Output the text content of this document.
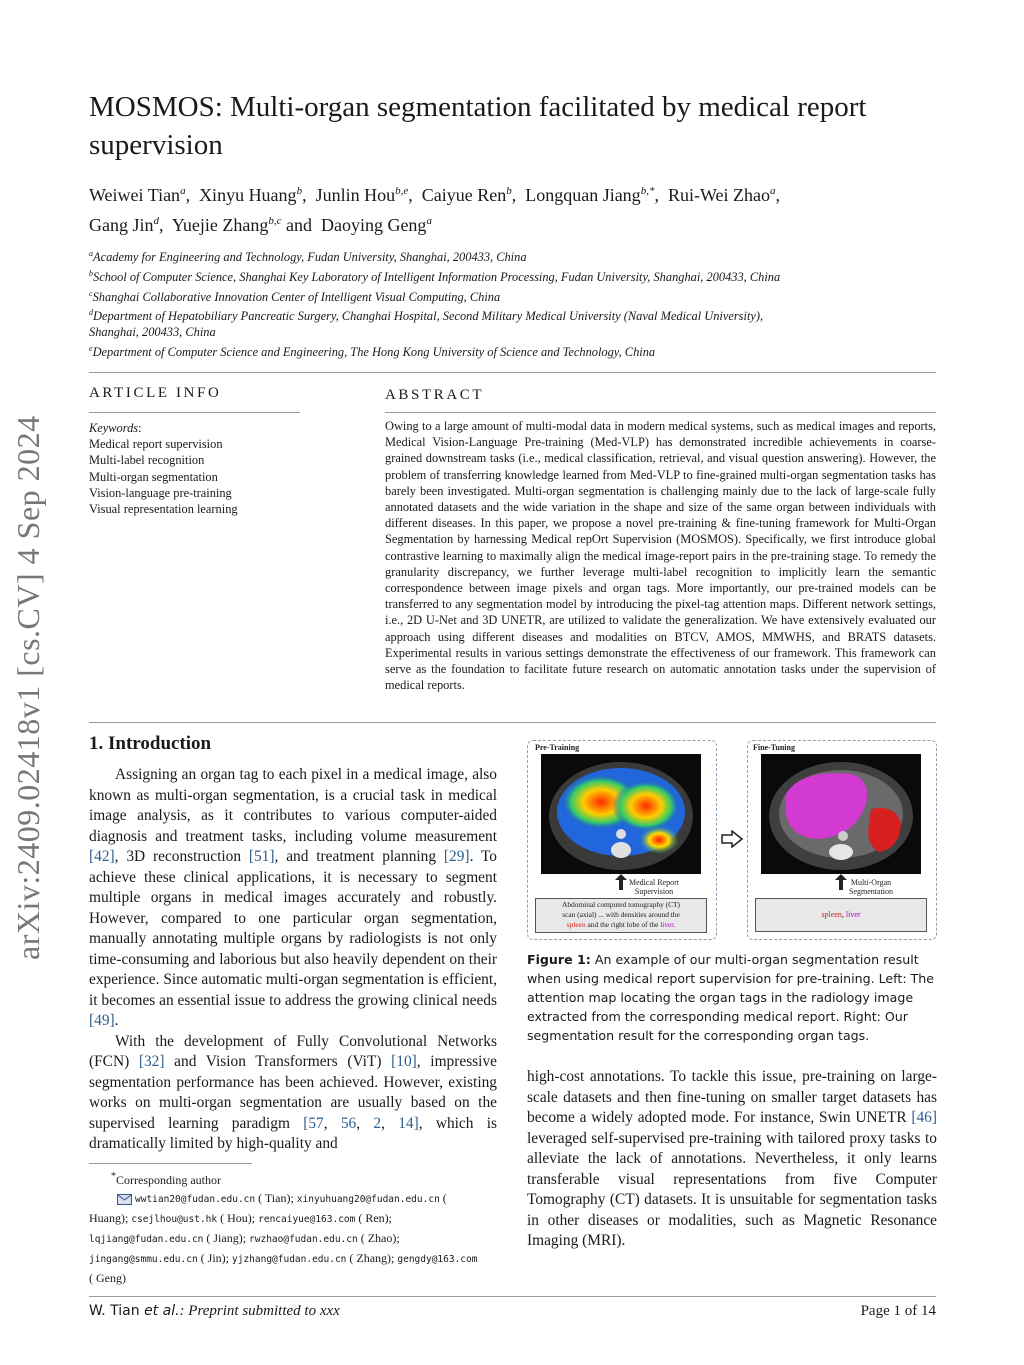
arXiv:2409.02418v1 [cs.CV] 4 Sep 2024
MOSMOS: Multi-organ segmentation facilitated by medical report supervision
Weiwei Tian$^a$,  Xinyu Huang$^b$,  Junlin Hou$^{b,e}$,  Caiyue Ren$^b$,  Longquan Jiang$^{b,*}$,  Rui-Wei Zhao$^a$,
Gang Jin$^d$,  Yuejie Zhang$^{b,c}$ and Daoying Geng$^a$
$^a$Academy for Engineering and Technology, Fudan University, Shanghai, 200433, China
$^b$School of Computer Science, Shanghai Key Laboratory of Intelligent Information Processing, Fudan University, Shanghai, 200433, China
$^c$Shanghai Collaborative Innovation Center of Intelligent Visual Computing, China
$^d$Department of Hepatobiliary Pancreatic Surgery, Changhai Hospital, Second Military Medical University (Naval Medical University), Shanghai, 200433, China
$^e$Department of Computer Science and Engineering, The Hong Kong University of Science and Technology, China
ARTICLE INFO
Keywords:
Medical report supervision
Multi-label recognition
Multi-organ segmentation
Vision-language pre-training
Visual representation learning
ABSTRACT
Owing to a large amount of multi-modal data in modern medical systems, such as medical images and reports, Medical Vision-Language Pre-training (Med-VLP) has demonstrated incredible achievements in coarse-grained downstream tasks (i.e., medical classification, retrieval, and visual question answering). However, the problem of transferring knowledge learned from Med-VLP to fine-grained multi-organ segmentation tasks has barely been investigated. Multi-organ segmentation is challenging mainly due to the lack of large-scale fully annotated datasets and the wide variation in the shape and size of the same organ between individuals with different diseases. In this paper, we propose a novel pre-training & fine-tuning framework for Multi-Organ Segmentation by harnessing Medical repOrt Supervision (MOSMOS). Specifically, we first introduce global contrastive learning to maximally align the medical image-report pairs in the pre-training stage. To remedy the granularity discrepancy, we further leverage multi-label recognition to implicitly learn the semantic correspondence between image pixels and organ tags. More importantly, our pre-trained models can be transferred to any segmentation model by introducing the pixel-tag attention maps. Different network settings, i.e., 2D U-Net and 3D UNETR, are utilized to validate the generalization. We have extensively evaluated our approach using different diseases and modalities on BTCV, AMOS, MMWHS, and BRATS datasets. Experimental results in various settings demonstrate the effectiveness of our framework. This framework can serve as the foundation to facilitate future research on automatic annotation tasks under the supervision of medical reports.
1. Introduction

Assigning an organ tag to each pixel in a medical image, also known as multi-organ segmentation, is a crucial task in medical image analysis, as it contributes to various computer-aided diagnosis and treatment tasks, including volume measurement [42], 3D reconstruction [51], and treatment planning [29]. To achieve these clinical applications, it is necessary to segment multiple organs in medical images accurately and robustly. However, compared to one particular organ segmentation, manually annotating multiple organs by radiologists is not only time-consuming and laborious but also heavily dependent on their experience. Since automatic multi-organ segmentation is efficient, it becomes an essential issue to address the growing clinical needs [49].

With the development of Fully Convolutional Networks (FCN) [32] and Vision Transformers (ViT) [10], impressive segmentation performance has been achieved. However, existing works on multi-organ segmentation are usually based on the supervised learning paradigm [57, 56, 2, 14], which is dramatically limited by high-quality and

high-cost annotations. To tackle this issue, pre-training on large-scale datasets and then fine-tuning on smaller target datasets has become a widely adopted mode. For instance, Swin UNETR [46] leveraged self-supervised pre-training with tailored proxy tasks to alleviate the lack of annotations. Nevertheless, it only learns transferable visual representations from five Computer Tomography (CT) datasets. It is unsuitable for segmentation tasks in other diseases or modalities, such as Magnetic Resonance Imaging (MRI).

Pre-Training	Fine-Tuning
Medical Report
Supervision
Multi-Organ
Segmentation
Abdominal computed tomography (CT)
scan (axial) ... with densities around the
spleen and the right lobe of the liver.
spleen, liver
Figure 1: An example of our multi-organ segmentation result when using medical report supervision for pre-training. Left: The attention map locating the organ tags in the radiology image extracted from the corresponding medical report. Right: Our segmentation result for the corresponding organ tags.
*Corresponding author
wwtian20@fudan.edu.cn ( Tian); xinyuhuang20@fudan.edu.cn (
Huang); csejlhou@ust.hk ( Hou); rencaiyue@163.com ( Ren);
lqjiang@fudan.edu.cn ( Jiang); rwzhao@fudan.edu.cn ( Zhao);
jingang@smmu.edu.cn ( Jin); yjzhang@fudan.edu.cn ( Zhang); gengdy@163.com
( Geng)
W. Tian et al.: Preprint submitted to xxx	Page 1 of 14
